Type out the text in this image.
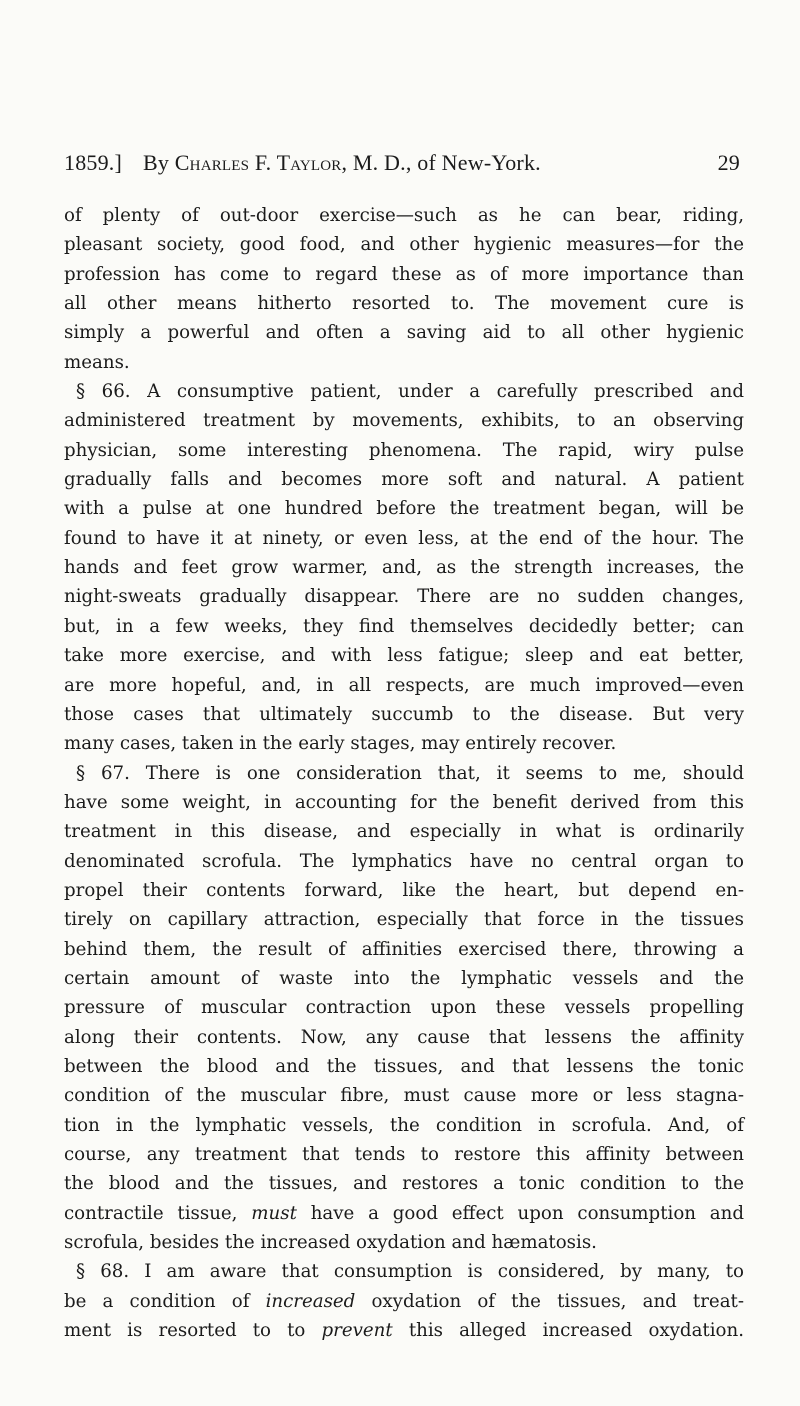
1859.] By Charles F. Taylor, M. D., of New-York.	29
of plenty of out-door exercise—such as he can bear, riding,
pleasant society, good food, and other hygienic measures—for the
profession has come to regard these as of more importance than
all other means hitherto resorted to. The movement cure is
simply a powerful and often a saving aid to all other hygienic
means.
§ 66. A consumptive patient, under a carefully prescribed and
administered treatment by movements, exhibits, to an observing
physician, some interesting phenomena. The rapid, wiry pulse
gradually falls and becomes more soft and natural. A patient
with a pulse at one hundred before the treatment began, will be
found to have it at ninety, or even less, at the end of the hour. The
hands and feet grow warmer, and, as the strength increases, the
night-sweats gradually disappear. There are no sudden changes,
but, in a few weeks, they find themselves decidedly better; can
take more exercise, and with less fatigue; sleep and eat better,
are more hopeful, and, in all respects, are much improved—even
those cases that ultimately succumb to the disease. But very
many cases, taken in the early stages, may entirely recover.
§ 67. There is one consideration that, it seems to me, should
have some weight, in accounting for the benefit derived from this
treatment in this disease, and especially in what is ordinarily
denominated scrofula. The lymphatics have no central organ to
propel their contents forward, like the heart, but depend en-
tirely on capillary attraction, especially that force in the tissues
behind them, the result of affinities exercised there, throwing a
certain amount of waste into the lymphatic vessels and the
pressure of muscular contraction upon these vessels propelling
along their contents. Now, any cause that lessens the affinity
between the blood and the tissues, and that lessens the tonic
condition of the muscular fibre, must cause more or less stagna-
tion in the lymphatic vessels, the condition in scrofula. And, of
course, any treatment that tends to restore this affinity between
the blood and the tissues, and restores a tonic condition to the
contractile tissue, must have a good effect upon consumption and
scrofula, besides the increased oxydation and hæmatosis.
§ 68. I am aware that consumption is considered, by many, to
be a condition of increased oxydation of the tissues, and treat-
ment is resorted to to prevent this alleged increased oxydation.
